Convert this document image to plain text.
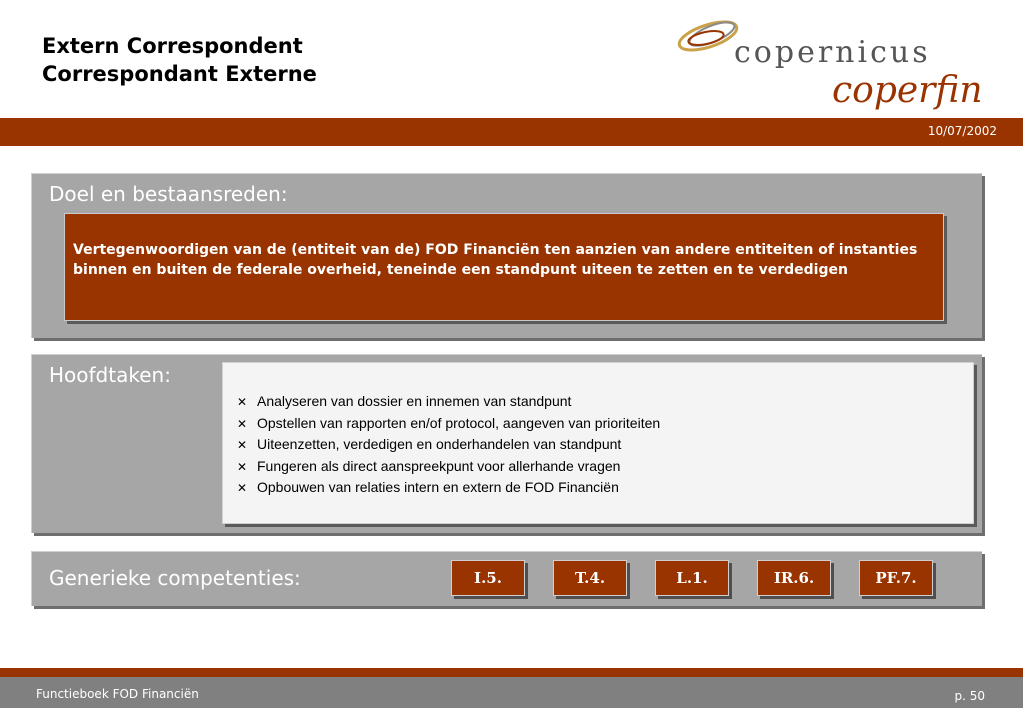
Extern Correspondent
Correspondant Externe
copernicus
coperfin
10/07/2002
Doel en bestaansreden:
Vertegenwoordigen van de (entiteit van de) FOD Financiën ten aanzien van andere entiteiten of instanties binnen en buiten de federale overheid, teneinde een standpunt uiteen te zetten en te verdedigen
Hoofdtaken:
✕ Analyseren van dossier en innemen van standpunt
✕ Opstellen van rapporten en/of protocol, aangeven van prioriteiten
✕ Uiteenzetten, verdedigen en onderhandelen van standpunt
✕ Fungeren als direct aanspreekpunt voor allerhande vragen
✕ Opbouwen van relaties intern en extern de FOD Financiën
Generieke competenties:	I.5.	T.4.	L.1.	IR.6.	PF.7.
Functieboek FOD Financiën	p. 50
